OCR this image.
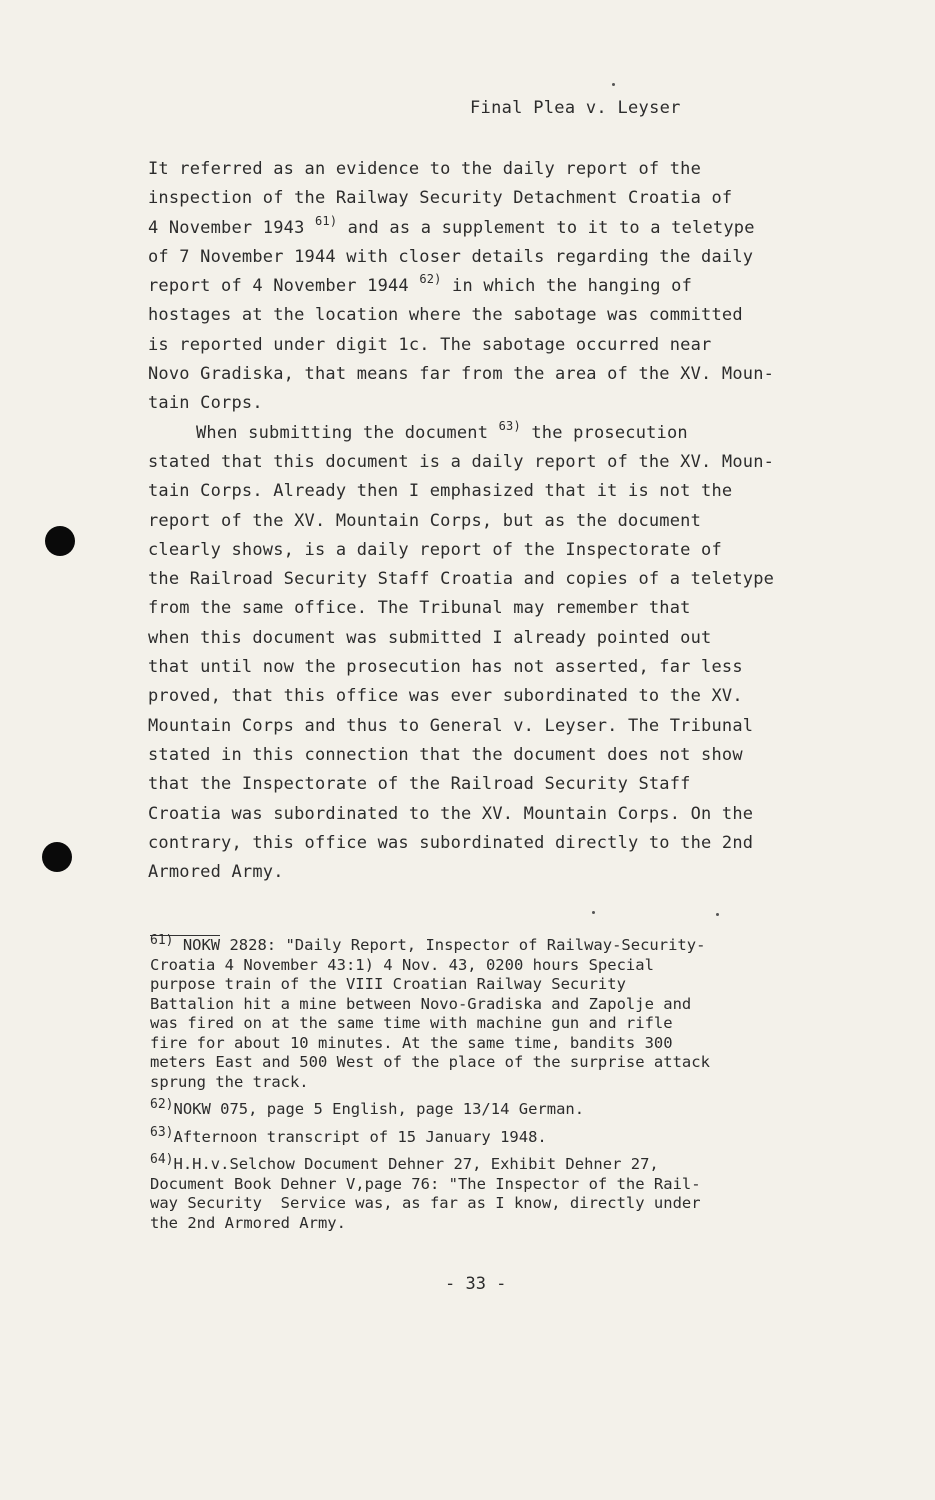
Final Plea v. Leyser
It referred as an evidence to the daily report of the
inspection of the Railway Security Detachment Croatia of
4 November 1943 $^{61)}$ and as a supplement to it to a teletype
of 7 November 1944 with closer details regarding the daily
report of 4 November 1944 $^{62)}$ in which the hanging of
hostages at the location where the sabotage was committed
is reported under digit 1c. The sabotage occurred near
Novo Gradiska, that means far from the area of the XV. Moun-
tain Corps.
When submitting the document $^{63)}$ the prosecution
stated that this document is a daily report of the XV. Moun-
tain Corps. Already then I emphasized that it is not the
report of the XV. Mountain Corps, but as the document
clearly shows, is a daily report of the Inspectorate of
the Railroad Security Staff Croatia and copies of a teletype
from the same office. The Tribunal may remember that
when this document was submitted I already pointed out
that until now the prosecution has not asserted, far less
proved, that this office was ever subordinated to the XV.
Mountain Corps and thus to General v. Leyser. The Tribunal
stated in this connection that the document does not show
that the Inspectorate of the Railroad Security Staff
Croatia was subordinated to the XV. Mountain Corps. On the
contrary, this office was subordinated directly to the 2nd
Armored Army.
$^{61)}$ NOKW 2828: "Daily Report, Inspector of Railway-Security-
Croatia 4 November 43:1) 4 Nov. 43, 0200 hours Special
purpose train of the VIII Croatian Railway Security
Battalion hit a mine between Novo-Gradiska and Zapolje and
was fired on at the same time with machine gun and rifle
fire for about 10 minutes. At the same time, bandits 300
meters East and 500 West of the place of the surprise attack
sprung the track.
$^{62)}$NOKW 075, page 5 English, page 13/14 German.
$^{63)}$Afternoon transcript of 15 January 1948.
$^{64)}$H.H.v.Selchow Document Dehner 27, Exhibit Dehner 27,
Document Book Dehner V,page 76: "The Inspector of the Rail-
way Security  Service was, as far as I know, directly under
the 2nd Armored Army.
- 33 -
